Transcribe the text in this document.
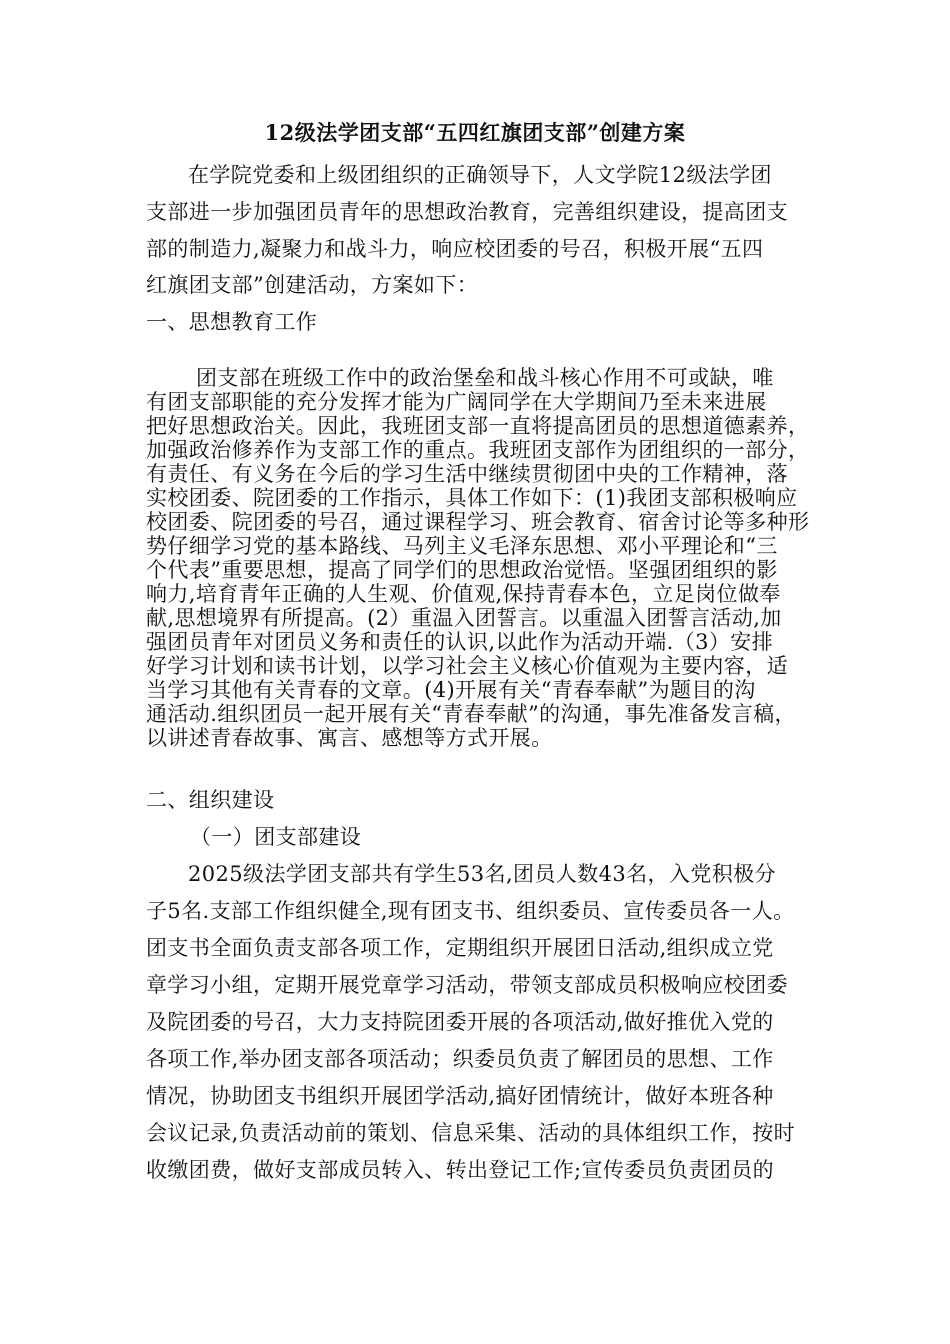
12级法学团支部“五四红旗团支部”创建方案
在学院党委和上级团组织的正确领导下，人文学院12级法学团
支部进一步加强团员青年的思想政治教育，完善组织建设，提高团支
部的制造力,凝聚力和战斗力，响应校团委的号召，积极开展“五四
红旗团支部”创建活动，方案如下：
一、思想教育工作
团支部在班级工作中的政治堡垒和战斗核心作用不可或缺，唯
有团支部职能的充分发挥才能为广阔同学在大学期间乃至未来进展
把好思想政治关。因此，我班团支部一直将提高团员的思想道德素养，
加强政治修养作为支部工作的重点。我班团支部作为团组织的一部分，
有责任、有义务在今后的学习生活中继续贯彻团中央的工作精神，落
实校团委、院团委的工作指示，具体工作如下：(1)我团支部积极响应
校团委、院团委的号召，通过课程学习、班会教育、宿舍讨论等多种形
势仔细学习党的基本路线、马列主义毛泽东思想、邓小平理论和“三
个代表”重要思想，提高了同学们的思想政治觉悟。坚强团组织的影
响力,培育青年正确的人生观、价值观,保持青春本色，立足岗位做奉
献,思想境界有所提高。(2）重温入团誓言。以重温入团誓言活动,加
强团员青年对团员义务和责任的认识,以此作为活动开端.（3）安排
好学习计划和读书计划，以学习社会主义核心价值观为主要内容，适
当学习其他有关青春的文章。(4)开展有关“青春奉献”为题目的沟
通活动.组织团员一起开展有关“青春奉献”的沟通，事先准备发言稿，
以讲述青春故事、寓言、感想等方式开展。
二、组织建设
（一）团支部建设
2025级法学团支部共有学生53名,团员人数43名，入党积极分
子5名.支部工作组织健全,现有团支书、组织委员、宣传委员各一人。
团支书全面负责支部各项工作，定期组织开展团日活动,组织成立党
章学习小组，定期开展党章学习活动，带领支部成员积极响应校团委
及院团委的号召，大力支持院团委开展的各项活动,做好推优入党的
各项工作,举办团支部各项活动；织委员负责了解团员的思想、工作
情况，协助团支书组织开展团学活动,搞好团情统计，做好本班各种
会议记录,负责活动前的策划、信息采集、活动的具体组织工作，按时
收缴团费，做好支部成员转入、转出登记工作;宣传委员负责团员的
